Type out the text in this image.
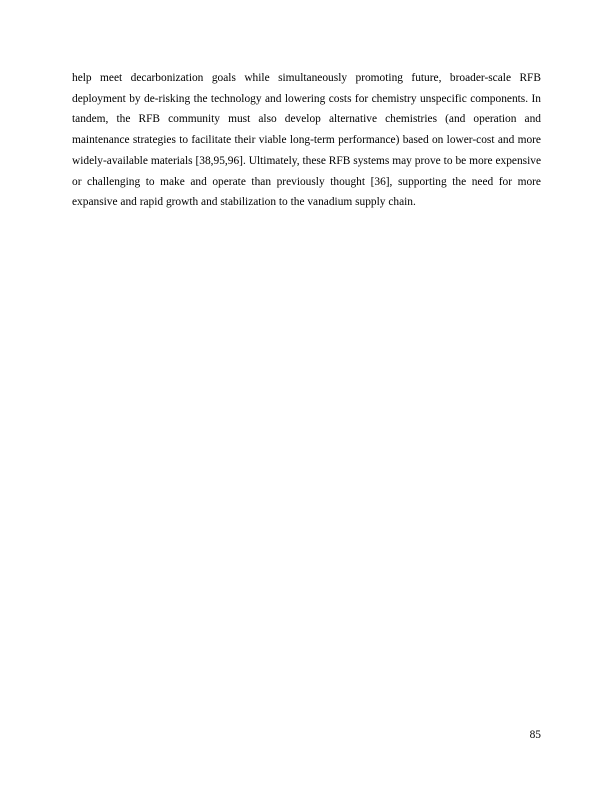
help meet decarbonization goals while simultaneously promoting future, broader-scale RFB deployment by de-risking the technology and lowering costs for chemistry unspecific components. In tandem, the RFB community must also develop alternative chemistries (and operation and maintenance strategies to facilitate their viable long-term performance) based on lower-cost and more widely-available materials [38,95,96]. Ultimately, these RFB systems may prove to be more expensive or challenging to make and operate than previously thought [36], supporting the need for more expansive and rapid growth and stabilization to the vanadium supply chain.

85
